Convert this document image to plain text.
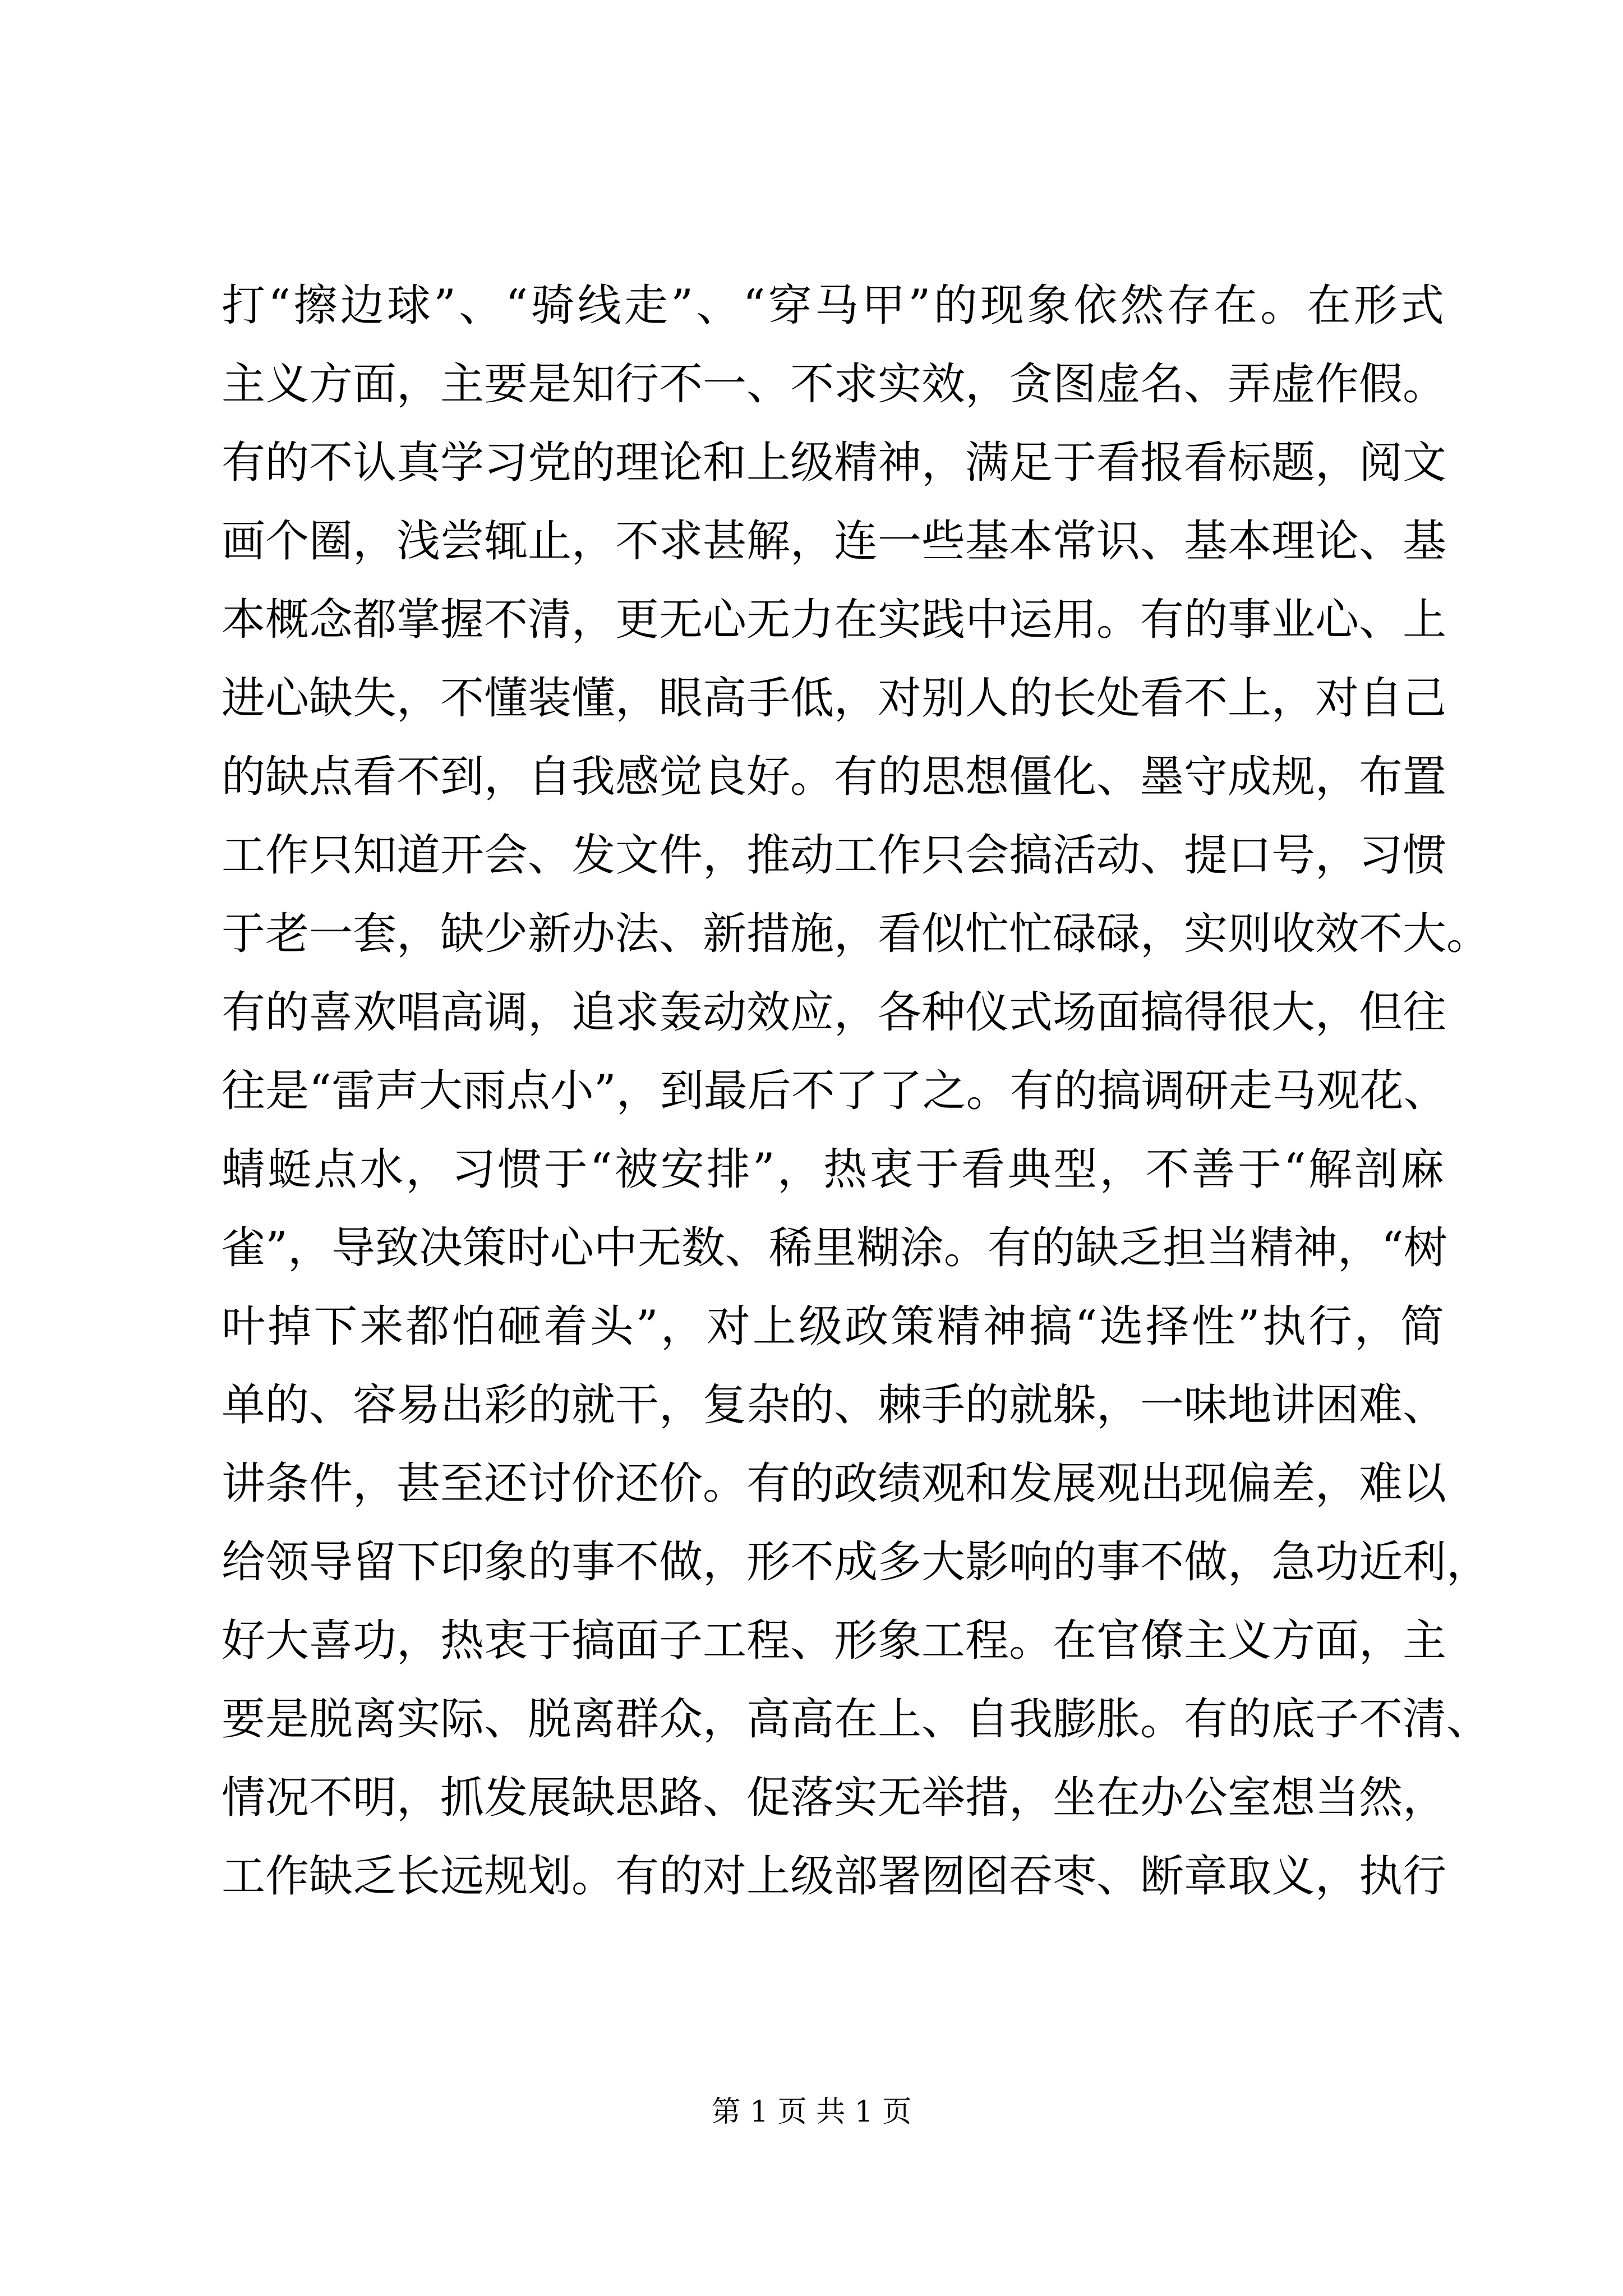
打“擦边球”、“骑线走”、“穿马甲”的现象依然存在。在形式
主义方面，主要是知行不一、不求实效，贪图虚名、弄虚作假。
有的不认真学习党的理论和上级精神，满足于看报看标题，阅文
画个圈，浅尝辄止，不求甚解，连一些基本常识、基本理论、基
本概念都掌握不清，更无心无力在实践中运用。有的事业心、上
进心缺失，不懂装懂，眼高手低，对别人的长处看不上，对自己
的缺点看不到，自我感觉良好。有的思想僵化、墨守成规，布置
工作只知道开会、发文件，推动工作只会搞活动、提口号，习惯
于老一套，缺少新办法、新措施，看似忙忙碌碌，实则收效不大。
有的喜欢唱高调，追求轰动效应，各种仪式场面搞得很大，但往
往是“雷声大雨点小”，到最后不了了之。有的搞调研走马观花、
蜻蜓点水，习惯于“被安排”，热衷于看典型，不善于“解剖麻
雀”，导致决策时心中无数、稀里糊涂。有的缺乏担当精神，“树
叶掉下来都怕砸着头”，对上级政策精神搞“选择性”执行，简
单的、容易出彩的就干，复杂的、棘手的就躲，一味地讲困难、
讲条件，甚至还讨价还价。有的政绩观和发展观出现偏差，难以
给领导留下印象的事不做，形不成多大影响的事不做，急功近利，
好大喜功，热衷于搞面子工程、形象工程。在官僚主义方面，主
要是脱离实际、脱离群众，高高在上、自我膨胀。有的底子不清、
情况不明，抓发展缺思路、促落实无举措，坐在办公室想当然，
工作缺乏长远规划。有的对上级部署囫囵吞枣、断章取义，执行
第 1 页 共 1 页
